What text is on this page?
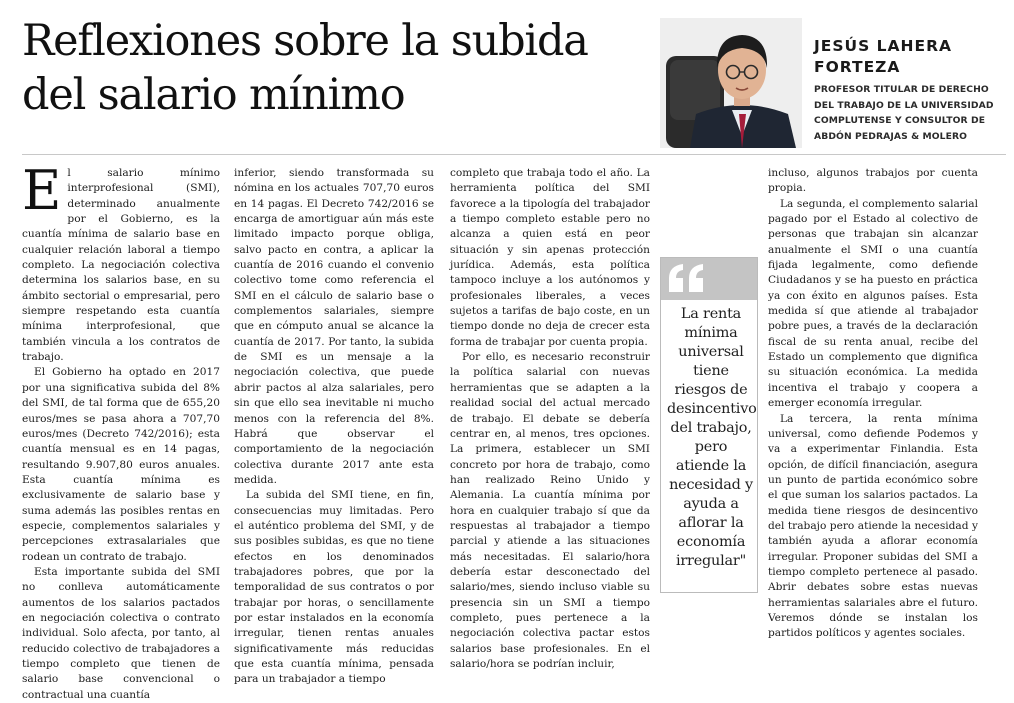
Reflexiones sobre la subida del salario mínimo
JESÚS LAHERA FORTEZA
PROFESOR TITULAR DE DERECHO DEL TRABAJO DE LA UNIVERSIDAD COMPLUTENSE Y CONSULTOR DE ABDÓN PEDRAJAS & MOLERO

El salario mínimo interprofesional (SMI), determinado anualmente por el Gobierno, es la cuantía mínima de salario base en cualquier relación laboral a tiempo completo. La negociación colectiva determina los salarios base, en su ámbito sectorial o empresarial, pero siempre respetando esta cuantía mínima interprofesional, que también vincula a los contratos de trabajo.

El Gobierno ha optado en 2017 por una significativa subida del 8% del SMI, de tal forma que de 655,20 euros/mes se pasa ahora a 707,70 euros/mes (Decreto 742/2016); esta cuantía mensual es en 14 pagas, resultando 9.907,80 euros anuales. Esta cuantía mínima es exclusivamente de salario base y suma además las posibles rentas en especie, complementos salariales y percepciones extrasalariales que rodean un contrato de trabajo.

Esta importante subida del SMI no conlleva automáticamente aumentos de los salarios pactados en negociación colectiva o contrato individual. Solo afecta, por tanto, al reducido colectivo de trabajadores a tiempo completo que tienen de salario base convencional o contractual una cuantía

inferior, siendo transformada su nómina en los actuales 707,70 euros en 14 pagas. El Decreto 742/2016 se encarga de amortiguar aún más este limitado impacto porque obliga, salvo pacto en contra, a aplicar la cuantía de 2016 cuando el convenio colectivo tome como referencia el SMI en el cálculo de salario base o complementos salariales, siempre que en cómputo anual se alcance la cuantía de 2017. Por tanto, la subida de SMI es un mensaje a la negociación colectiva, que puede abrir pactos al alza salariales, pero sin que ello sea inevitable ni mucho menos con la referencia del 8%. Habrá que observar el comportamiento de la negociación colectiva durante 2017 ante esta medida.

La subida del SMI tiene, en fin, consecuencias muy limitadas. Pero el auténtico problema del SMI, y de sus posibles subidas, es que no tiene efectos en los denominados trabajadores pobres, que por la temporalidad de sus contratos o por trabajar por horas, o sencillamente por estar instalados en la economía irregular, tienen rentas anuales significativamente más reducidas que esta cuantía mínima, pensada para un trabajador a tiempo

completo que trabaja todo el año. La herramienta política del SMI favorece a la tipología del trabajador a tiempo completo estable pero no alcanza a quien está en peor situación y sin apenas protección jurídica. Además, esta política tampoco incluye a los autónomos y profesionales liberales, a veces sujetos a tarifas de bajo coste, en un tiempo donde no deja de crecer esta forma de trabajar por cuenta propia.

Por ello, es necesario reconstruir la política salarial con nuevas herramientas que se adapten a la realidad social del actual mercado de trabajo. El debate se debería centrar en, al menos, tres opciones. La primera, establecer un SMI concreto por hora de trabajo, como han realizado Reino Unido y Alemania. La cuantía mínima por hora en cualquier trabajo sí que da respuestas al trabajador a tiempo parcial y atiende a las situaciones más necesitadas. El salario/hora debería estar desconectado del salario/mes, siendo incluso viable su presencia sin un SMI a tiempo completo, pues pertenece a la negociación colectiva pactar estos salarios base profesionales. En el salario/hora se podrían incluir,

La renta mínima universal tiene riesgos de desincentivo del trabajo, pero atiende la necesidad y ayuda a aflorar la economía irregular"

incluso, algunos trabajos por cuenta propia.

La segunda, el complemento salarial pagado por el Estado al colectivo de personas que trabajan sin alcanzar anualmente el SMI o una cuantía fijada legalmente, como defiende Ciudadanos y se ha puesto en práctica ya con éxito en algunos países. Esta medida sí que atiende al trabajador pobre pues, a través de la declaración fiscal de su renta anual, recibe del Estado un complemento que dignifica su situación económica. La medida incentiva el trabajo y coopera a emerger economía irregular.

La tercera, la renta mínima universal, como defiende Podemos y va a experimentar Finlandia. Esta opción, de difícil financiación, asegura un punto de partida económico sobre el que suman los salarios pactados. La medida tiene riesgos de desincentivo del trabajo pero atiende la necesidad y también ayuda a aflorar economía irregular. Proponer subidas del SMI a tiempo completo pertenece al pasado. Abrir debates sobre estas nuevas herramientas salariales abre el futuro. Veremos dónde se instalan los partidos políticos y agentes sociales.
